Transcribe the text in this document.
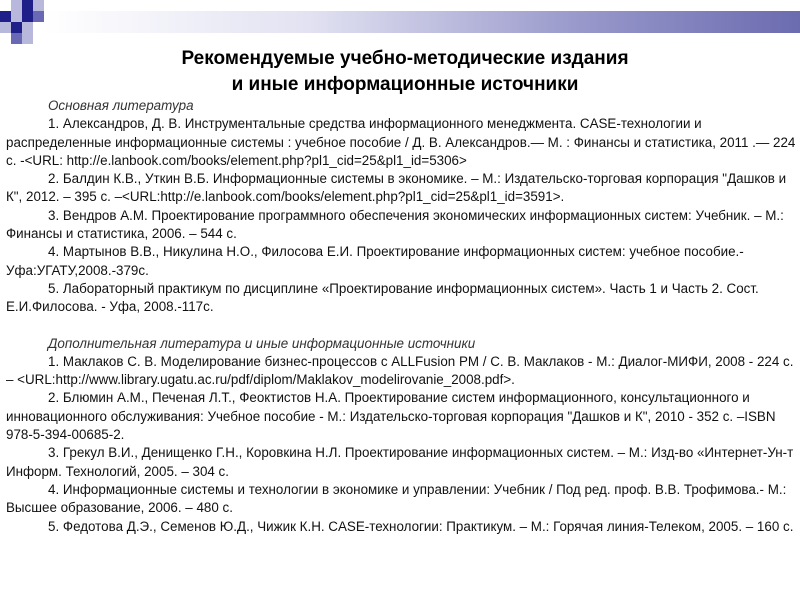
Рекомендуемые учебно-методические издания
и иные информационные источники
Основная литература

1. Александров, Д. В. Инструментальные средства информационного менеджмента. CASE-технологии и распределенные информационные системы : учебное пособие / Д. В. Александров.— М. : Финансы и статистика, 2011 .— 224 с. -<URL: http://e.lanbook.com/books/element.php?pl1_cid=25&pl1_id=5306>

2. Балдин К.В., Уткин В.Б. Информационные системы в экономике. – М.: Издательско-торговая корпорация "Дашков и К", 2012. – 395 с. –<URL:http://e.lanbook.com/books/element.php?pl1_cid=25&pl1_id=3591>.

3. Вендров А.М. Проектирование программного обеспечения экономических информационных систем: Учебник. – М.: Финансы и статистика, 2006. – 544 с.

4. Мартынов В.В., Никулина Н.О., Филосова Е.И. Проектирование информационных систем: учебное пособие.- Уфа:УГАТУ,2008.-379с.

5. Лабораторный практикум по дисциплине «Проектирование информационных систем». Часть 1 и Часть 2. Сост. Е.И.Филосова. - Уфа, 2008.-117с.

Дополнительная литература и иные информационные источники

1. Маклаков С. В. Моделирование бизнес-процессов с ALLFusion PM / С. В. Маклаков - М.: Диалог-МИФИ, 2008 - 224 с. – <URL:http://www.library.ugatu.ac.ru/pdf/diplom/Maklakov_modelirovanie_2008.pdf>.

2. Блюмин А.М., Печеная Л.Т., Феоктистов Н.А. Проектирование систем информационного, консультационного и инновационного обслуживания: Учебное пособие - М.: Издательско-торговая корпорация "Дашков и К", 2010 - 352 с. –ISBN 978-5-394-00685-2.

3. Грекул В.И., Денищенко Г.Н., Коровкина Н.Л. Проектирование информационных систем. – М.: Изд-во «Интернет-Ун-т Информ. Технологий, 2005. – 304 с.

4. Информационные системы и технологии в экономике и управлении: Учебник / Под ред. проф. В.В. Трофимова.- М.: Высшее образование, 2006. – 480 с.

5. Федотова Д.Э., Семенов Ю.Д., Чижик К.Н. CASE-технологии: Практикум. – М.: Горячая линия-Телеком, 2005. – 160 с.
